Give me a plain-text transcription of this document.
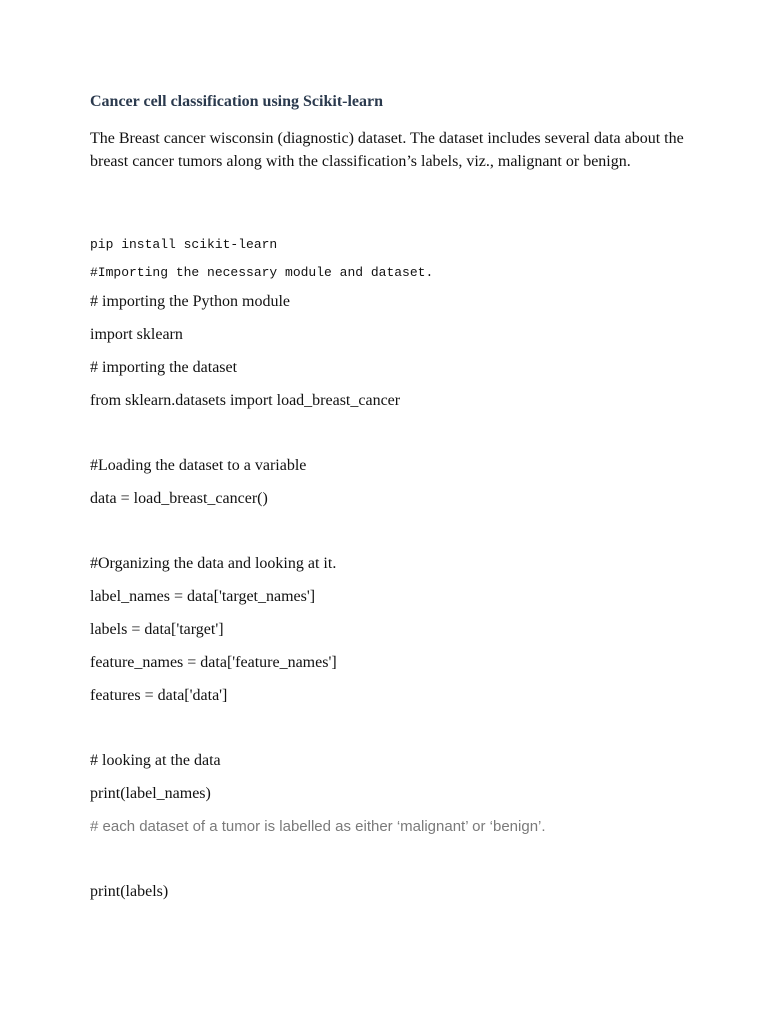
Cancer cell classification using Scikit-learn

The Breast cancer wisconsin (diagnostic) dataset. The dataset includes several data about the breast cancer tumors along with the classification’s labels, viz., malignant or benign.

pip install scikit-learn

#Importing the necessary module and dataset.

# importing the Python module

import sklearn

# importing the dataset

from sklearn.datasets import load_breast_cancer

#Loading the dataset to a variable

data = load_breast_cancer()

#Organizing the data and looking at it.

label_names = data['target_names']

labels = data['target']

feature_names = data['feature_names']

features = data['data']

# looking at the data

print(label_names)

# each dataset of a tumor is labelled as either ‘malignant’ or ‘benign’.

print(labels)
